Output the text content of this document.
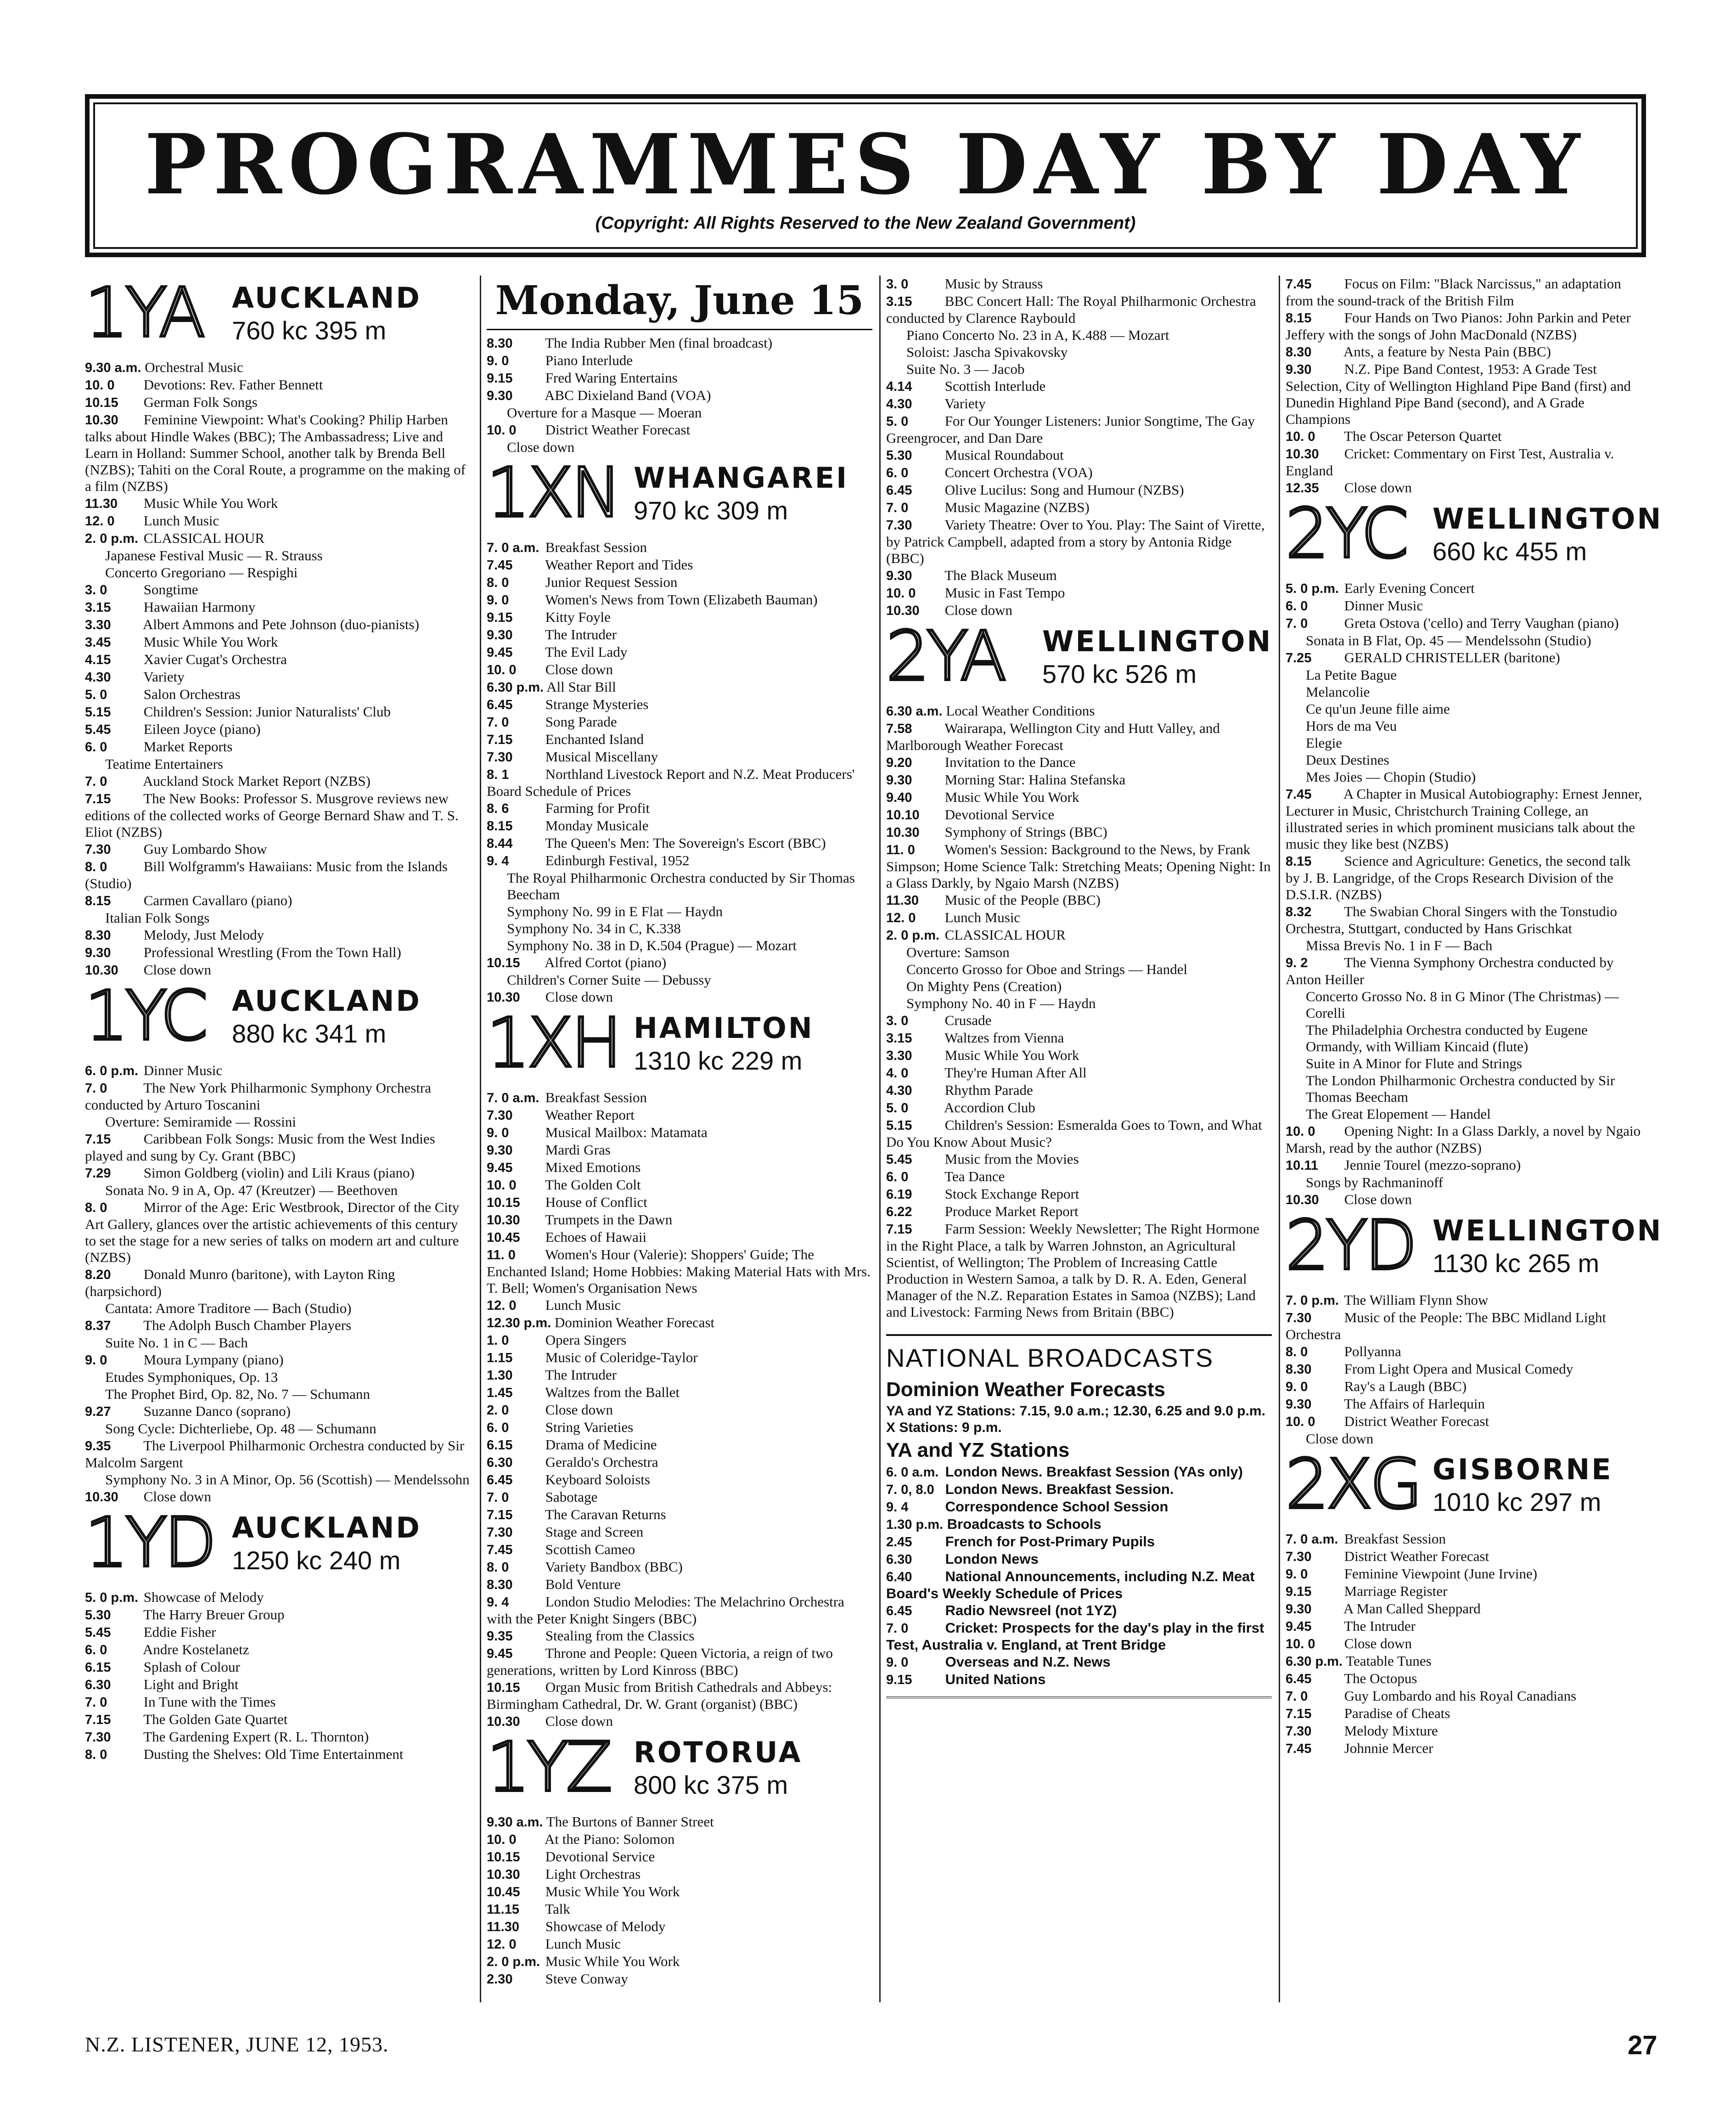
PROGRAMMES DAY BY DAY
(Copyright: All Rights Reserved to the New Zealand Government)
1YA AUCKLAND
760 kc 395 m
9.30 a.m. Orchestral Music
10. 0 Devotions: Rev. Father Bennett
10.15 German Folk Songs
10.30 Feminine Viewpoint: What's Cooking? Philip Harben talks about Hindle Wakes (BBC); The Ambassadress; Live and Learn in Holland: Summer School, another talk by Brenda Bell (NZBS); Tahiti on the Coral Route, a programme on the making of a film (NZBS)
11.30 Music While You Work
12. 0 Lunch Music
2. 0 p.m. CLASSICAL HOUR
Japanese Festival Music — R. Strauss
Concerto Gregoriano — Respighi
3. 0	Songtime
3.15 Hawaiian Harmony
3.30 Albert Ammons and Pete Johnson (duo-pianists)
3.45 Music While You Work
4.15 Xavier Cugat's Orchestra
4.30 Variety
5. 0	Salon Orchestras
5.15 Children's Session: Junior Naturalists' Club
5.45 Eileen Joyce (piano)
6. 0	Market Reports
Teatime Entertainers
7. 0	Auckland Stock Market Report (NZBS)
7.15 The New Books: Professor S. Musgrove reviews new editions of the collected works of George Bernard Shaw and T. S. Eliot (NZBS)
7.30 Guy Lombardo Show
8. 0	Bill Wolfgramm's Hawaiians: Music from the Islands (Studio)
8.15 Carmen Cavallaro (piano)
Italian Folk Songs
8.30 Melody, Just Melody
9.30 Professional Wrestling (From the Town Hall)
10.30 Close down
1YC AUCKLAND
880 kc 341 m
6. 0 p.m. Dinner Music
7. 0	The New York Philharmonic Symphony Orchestra conducted by Arturo Toscanini
Overture: Semiramide — Rossini
7.15 Caribbean Folk Songs: Music from the West Indies played and sung by Cy. Grant (BBC)
7.29 Simon Goldberg (violin) and Lili Kraus (piano)
Sonata No. 9 in A, Op. 47 (Kreutzer) — Beethoven
8. 0	Mirror of the Age: Eric Westbrook, Director of the City Art Gallery, glances over the artistic achievements of this century to set the stage for a new series of talks on modern art and culture (NZBS)
8.20 Donald Munro (baritone), with Layton Ring (harpsichord)
Cantata: Amore Traditore — Bach (Studio)
8.37 The Adolph Busch Chamber Players
Suite No. 1 in C — Bach
9. 0	Moura Lympany (piano)
Etudes Symphoniques, Op. 13
The Prophet Bird, Op. 82, No. 7 — Schumann
9.27 Suzanne Danco (soprano)
Song Cycle: Dichterliebe, Op. 48 — Schumann
9.35 The Liverpool Philharmonic Orchestra conducted by Sir Malcolm Sargent
Symphony No. 3 in A Minor, Op. 56 (Scottish) — Mendelssohn
10.30 Close down
1YD AUCKLAND
1250 kc 240 m
5. 0 p.m. Showcase of Melody
5.30 The Harry Breuer Group
5.45 Eddie Fisher
6. 0	Andre Kostelanetz
6.15 Splash of Colour
6.30 Light and Bright
7. 0	In Tune with the Times
7.15 The Golden Gate Quartet
7.30 The Gardening Expert (R. L. Thornton)
8. 0	Dusting the Shelves: Old Time Entertainment
Monday, June 15
8.30 The India Rubber Men (final broadcast)
9. 0	Piano Interlude
9.15 Fred Waring Entertains
9.30 ABC Dixieland Band (VOA)
Overture for a Masque — Moeran
10. 0 District Weather Forecast
Close down
1XN WHANGAREI
970 kc 309 m
7. 0 a.m. Breakfast Session
7.45 Weather Report and Tides
8. 0	Junior Request Session
9. 0	Women's News from Town (Elizabeth Bauman)
9.15 Kitty Foyle
9.30 The Intruder
9.45 The Evil Lady
10. 0 Close down
6.30 p.m. All Star Bill
6.45 Strange Mysteries
7. 0	Song Parade
7.15 Enchanted Island
7.30 Musical Miscellany
8. 1	Northland Livestock Report and N.Z. Meat Producers' Board Schedule of Prices
8. 6	Farming for Profit
8.15 Monday Musicale
8.44 The Queen's Men: The Sovereign's Escort (BBC)
9. 4	Edinburgh Festival, 1952
The Royal Philharmonic Orchestra conducted by Sir Thomas Beecham
Symphony No. 99 in E Flat — Haydn
Symphony No. 34 in C, K.338
Symphony No. 38 in D, K.504 (Prague) — Mozart
10.15 Alfred Cortot (piano)
Children's Corner Suite — Debussy
10.30 Close down
1XH HAMILTON
1310 kc 229 m
7. 0 a.m. Breakfast Session
7.30 Weather Report
9. 0	Musical Mailbox: Matamata
9.30 Mardi Gras
9.45 Mixed Emotions
10. 0 The Golden Colt
10.15 House of Conflict
10.30 Trumpets in the Dawn
10.45 Echoes of Hawaii
11. 0 Women's Hour (Valerie): Shoppers' Guide; The Enchanted Island; Home Hobbies: Making Material Hats with Mrs. T. Bell; Women's Organisation News
12. 0 Lunch Music
12.30 p.m. Dominion Weather Forecast
1. 0	Opera Singers
1.15 Music of Coleridge-Taylor
1.30 The Intruder
1.45 Waltzes from the Ballet
2. 0	Close down
6. 0	String Varieties
6.15 Drama of Medicine
6.30 Geraldo's Orchestra
6.45 Keyboard Soloists
7. 0	Sabotage
7.15 The Caravan Returns
7.30 Stage and Screen
7.45 Scottish Cameo
8. 0	Variety Bandbox (BBC)
8.30 Bold Venture
9. 4	London Studio Melodies: The Melachrino Orchestra with the Peter Knight Singers (BBC)
9.35 Stealing from the Classics
9.45 Throne and People: Queen Victoria, a reign of two generations, written by Lord Kinross (BBC)
10.15 Organ Music from British Cathedrals and Abbeys: Birmingham Cathedral, Dr. W. Grant (organist) (BBC)
10.30 Close down
1YZ ROTORUA
800 kc 375 m
9.30 a.m. The Burtons of Banner Street
10. 0 At the Piano: Solomon
10.15 Devotional Service
10.30 Light Orchestras
10.45 Music While You Work
11.15 Talk
11.30 Showcase of Melody
12. 0 Lunch Music
2. 0 p.m. Music While You Work
2.30 Steve Conway
3. 0	Music by Strauss
3.15 BBC Concert Hall: The Royal Philharmonic Orchestra conducted by Clarence Raybould
Piano Concerto No. 23 in A, K.488 — Mozart
Soloist: Jascha Spivakovsky
Suite No. 3 — Jacob
4.14 Scottish Interlude
4.30 Variety
5. 0	For Our Younger Listeners: Junior Songtime, The Gay Greengrocer, and Dan Dare
5.30 Musical Roundabout
6. 0	Concert Orchestra (VOA)
6.45 Olive Lucilus: Song and Humour (NZBS)
7. 0	Music Magazine (NZBS)
7.30 Variety Theatre: Over to You. Play: The Saint of Virette, by Patrick Campbell, adapted from a story by Antonia Ridge (BBC)
9.30 The Black Museum
10. 0 Music in Fast Tempo
10.30 Close down
2YA WELLINGTON
570 kc 526 m
6.30 a.m. Local Weather Conditions
7.58 Wairarapa, Wellington City and Hutt Valley, and Marlborough Weather Forecast
9.20 Invitation to the Dance
9.30 Morning Star: Halina Stefanska
9.40 Music While You Work
10.10 Devotional Service
10.30 Symphony of Strings (BBC)
11. 0 Women's Session: Background to the News, by Frank Simpson; Home Science Talk: Stretching Meats; Opening Night: In a Glass Darkly, by Ngaio Marsh (NZBS)
11.30 Music of the People (BBC)
12. 0 Lunch Music
2. 0 p.m. CLASSICAL HOUR
Overture: Samson
Concerto Grosso for Oboe and Strings — Handel
On Mighty Pens (Creation)
Symphony No. 40 in F — Haydn
3. 0	Crusade
3.15 Waltzes from Vienna
3.30 Music While You Work
4. 0	They're Human After All
4.30 Rhythm Parade
5. 0	Accordion Club
5.15 Children's Session: Esmeralda Goes to Town, and What Do You Know About Music?
5.45 Music from the Movies
6. 0	Tea Dance
6.19 Stock Exchange Report
6.22 Produce Market Report
7.15 Farm Session: Weekly Newsletter; The Right Hormone in the Right Place, a talk by Warren Johnston, an Agricultural Scientist, of Wellington; The Problem of Increasing Cattle Production in Western Samoa, a talk by D. R. A. Eden, General Manager of the N.Z. Reparation Estates in Samoa (NZBS); Land and Livestock: Farming News from Britain (BBC)
NATIONAL BROADCASTS
Dominion Weather Forecasts
YA and YZ Stations: 7.15, 9.0 a.m.; 12.30, 6.25 and 9.0 p.m.
X Stations: 9 p.m.
YA and YZ Stations
6. 0 a.m. London News. Breakfast Session (YAs only)
7. 0, 8.0 London News. Breakfast Session.
9. 4	Correspondence School Session
1.30 p.m. Broadcasts to Schools
2.45 French for Post-Primary Pupils
6.30 London News
6.40 National Announcements, including N.Z. Meat Board's Weekly Schedule of Prices
6.45 Radio Newsreel (not 1YZ)
7. 0	Cricket: Prospects for the day's play in the first Test, Australia v. England, at Trent Bridge
9. 0	Overseas and N.Z. News
9.15 United Nations
7.45 Focus on Film: "Black Narcissus," an adaptation from the sound-track of the British Film
8.15 Four Hands on Two Pianos: John Parkin and Peter Jeffery with the songs of John MacDonald (NZBS)
8.30 Ants, a feature by Nesta Pain (BBC)
9.30 N.Z. Pipe Band Contest, 1953: A Grade Test Selection, City of Wellington Highland Pipe Band (first) and Dunedin Highland Pipe Band (second), and A Grade Champions
10. 0 The Oscar Peterson Quartet
10.30 Cricket: Commentary on First Test, Australia v. England
12.35 Close down
2YC WELLINGTON
660 kc 455 m
5. 0 p.m. Early Evening Concert
6. 0	Dinner Music
7. 0	Greta Ostova ('cello) and Terry Vaughan (piano)
Sonata in B Flat, Op. 45 — Mendelssohn (Studio)
7.25 GERALD CHRISTELLER (baritone)
La Petite Bague
Melancolie
Ce qu'un Jeune fille aime
Hors de ma Veu
Elegie
Deux Destines
Mes Joies — Chopin (Studio)
7.45 A Chapter in Musical Autobiography: Ernest Jenner, Lecturer in Music, Christchurch Training College, an illustrated series in which prominent musicians talk about the music they like best (NZBS)
8.15 Science and Agriculture: Genetics, the second talk by J. B. Langridge, of the Crops Research Division of the D.S.I.R. (NZBS)
8.32 The Swabian Choral Singers with the Tonstudio Orchestra, Stuttgart, conducted by Hans Grischkat
Missa Brevis No. 1 in F — Bach
9. 2	The Vienna Symphony Orchestra conducted by Anton Heiller
Concerto Grosso No. 8 in G Minor (The Christmas) — Corelli
The Philadelphia Orchestra conducted by Eugene Ormandy, with William Kincaid (flute)
Suite in A Minor for Flute and Strings
The London Philharmonic Orchestra conducted by Sir Thomas Beecham
The Great Elopement — Handel
10. 0 Opening Night: In a Glass Darkly, a novel by Ngaio Marsh, read by the author (NZBS)
10.11 Jennie Tourel (mezzo-soprano)
Songs by Rachmaninoff
10.30 Close down
2YD WELLINGTON
1130 kc 265 m
7. 0 p.m. The William Flynn Show
7.30 Music of the People: The BBC Midland Light Orchestra
8. 0	Pollyanna
8.30 From Light Opera and Musical Comedy
9. 0	Ray's a Laugh (BBC)
9.30 The Affairs of Harlequin
10. 0 District Weather Forecast
Close down
2XG GISBORNE
1010 kc 297 m
7. 0 a.m. Breakfast Session
7.30 District Weather Forecast
9. 0	Feminine Viewpoint (June Irvine)
9.15 Marriage Register
9.30 A Man Called Sheppard
9.45 The Intruder
10. 0 Close down
6.30 p.m. Teatable Tunes
6.45 The Octopus
7. 0	Guy Lombardo and his Royal Canadians
7.15 Paradise of Cheats
7.30 Melody Mixture
7.45 Johnnie Mercer
N.Z. LISTENER, JUNE 12, 1953.	27
